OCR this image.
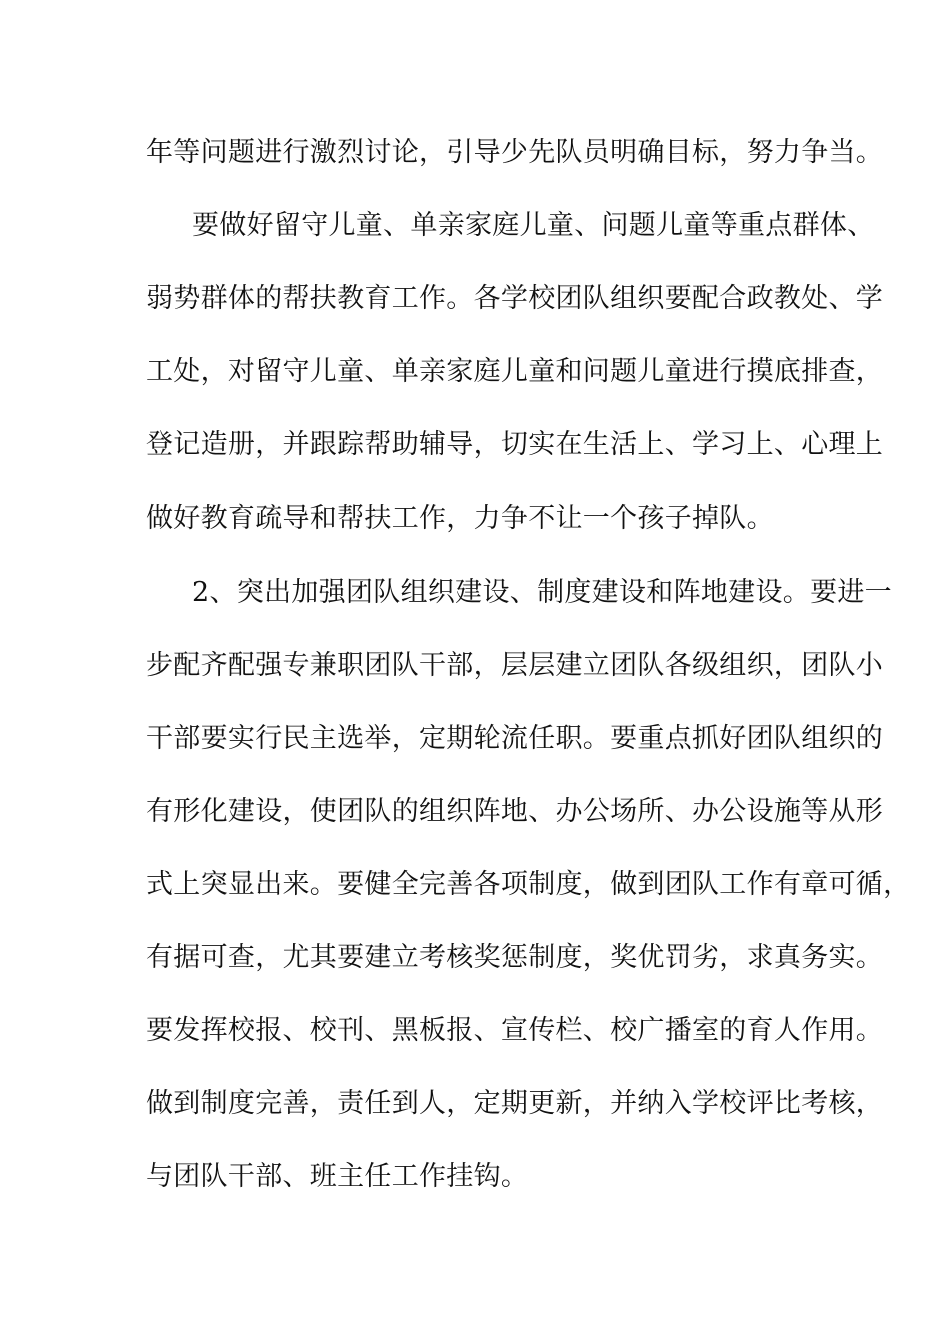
年等问题进行激烈讨论，引导少先队员明确目标，努力争当。
要做好留守儿童、单亲家庭儿童、问题儿童等重点群体、
弱势群体的帮扶教育工作。各学校团队组织要配合政教处、学
工处，对留守儿童、单亲家庭儿童和问题儿童进行摸底排查，
登记造册，并跟踪帮助辅导，切实在生活上、学习上、心理上
做好教育疏导和帮扶工作，力争不让一个孩子掉队。
2、突出加强团队组织建设、制度建设和阵地建设。要进一
步配齐配强专兼职团队干部，层层建立团队各级组织，团队小
干部要实行民主选举，定期轮流任职。要重点抓好团队组织的
有形化建设，使团队的组织阵地、办公场所、办公设施等从形
式上突显出来。要健全完善各项制度，做到团队工作有章可循，
有据可查，尤其要建立考核奖惩制度，奖优罚劣，求真务实。
要发挥校报、校刊、黑板报、宣传栏、校广播室的育人作用。
做到制度完善，责任到人，定期更新，并纳入学校评比考核，
与团队干部、班主任工作挂钩。
